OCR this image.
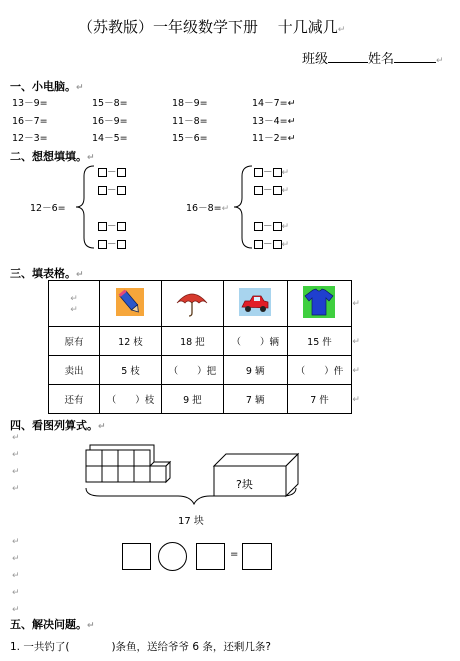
（苏教版）一年级数学下册　 十几减几↵
班级	姓名	↵
一、小电脑。↵
13－9=	15－8=	18－9=	14－7=↵
16－7=	16－9=	11－8=	13－4=↵
12－3=	14－5=	15－6=	11－2=↵
二、想想填填。↵
12－6=	16－8=↵
－
－
－
－
－ ↵
－ ↵
－ ↵
－ ↵
三、填表格。↵
↵
↵					↵
原有	12 枝	18 把	（　　）辆	15 件	↵
卖出	5 枝	（　　）把	9 辆	（　　）件	↵
还有	（　　）枝	9 把	7 辆	7 件	↵
四、看图列算式。↵
↵
↵
↵
↵
↵
↵
↵
↵
↵
?块
17 块
=
五、解决问题。↵
1. 一共钓了(　　　　)条鱼，送给爷爷 6 条，还剩几条?
